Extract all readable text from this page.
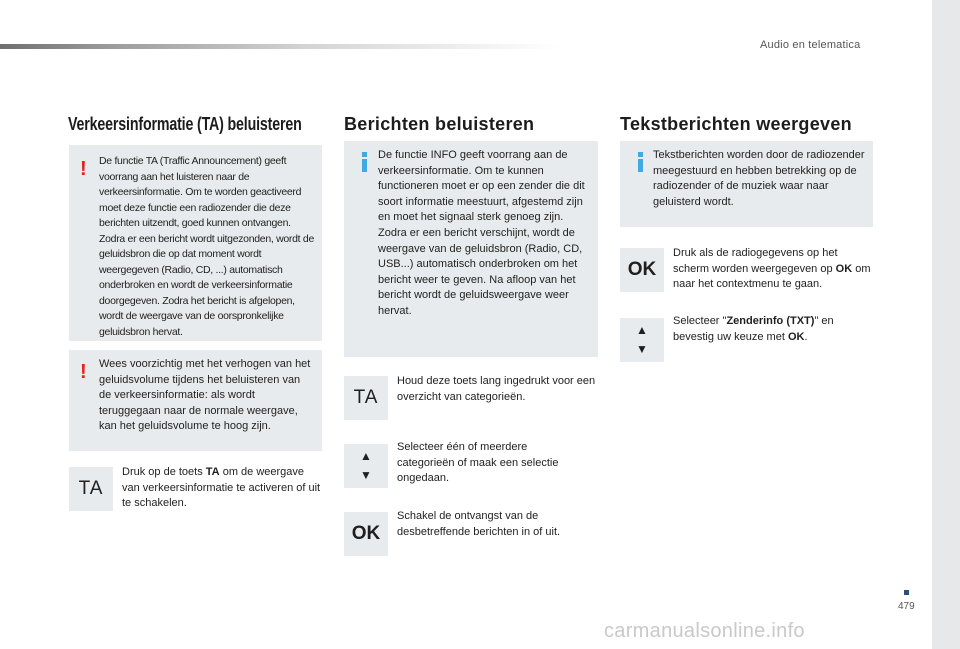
Audio en telematica
Verkeersinformatie (TA) beluisteren
! De functie TA (Traffic Announcement) geeft voorrang aan het luisteren naar de verkeersinformatie. Om te worden geactiveerd moet deze functie een radiozender die deze berichten uitzendt, goed kunnen ontvangen. Zodra er een bericht wordt uitgezonden, wordt de geluidsbron die op dat moment wordt weergegeven (Radio, CD, ...) automatisch onderbroken en wordt de verkeersinformatie doorgegeven. Zodra het bericht is afgelopen, wordt de weergave van de oorspronkelijke geluidsbron hervat.
! Wees voorzichtig met het verhogen van het geluidsvolume tijdens het beluisteren van de verkeersinformatie: als wordt teruggegaan naar de normale weergave, kan het geluidsvolume te hoog zijn.
TA
Druk op de toets TA om de weergave van verkeersinformatie te activeren of uit te schakelen.
Berichten beluisteren
De functie INFO geeft voorrang aan de verkeersinformatie. Om te kunnen functioneren moet er op een zender die dit soort informatie meestuurt, afgestemd zijn en moet het signaal sterk genoeg zijn. Zodra er een bericht verschijnt, wordt de weergave van de geluidsbron (Radio, CD, USB...) automatisch onderbroken om het bericht weer te geven. Na afloop van het bericht wordt de geluidsweergave weer hervat.
TA
Houd deze toets lang ingedrukt voor een overzicht van categorieën.
▲
▼
Selecteer één of meerdere categorieën of maak een selectie ongedaan.
OK
Schakel de ontvangst van de desbetreffende berichten in of uit.
Tekstberichten weergeven
Tekstberichten worden door de radiozender meegestuurd en hebben betrekking op de radiozender of de muziek waar naar geluisterd wordt.
OK
Druk als de radiogegevens op het scherm worden weergegeven op OK om naar het contextmenu te gaan.
▲
▼
Selecteer "Zenderinfo (TXT)" en bevestig uw keuze met OK.
479
carmanualsonline.info
